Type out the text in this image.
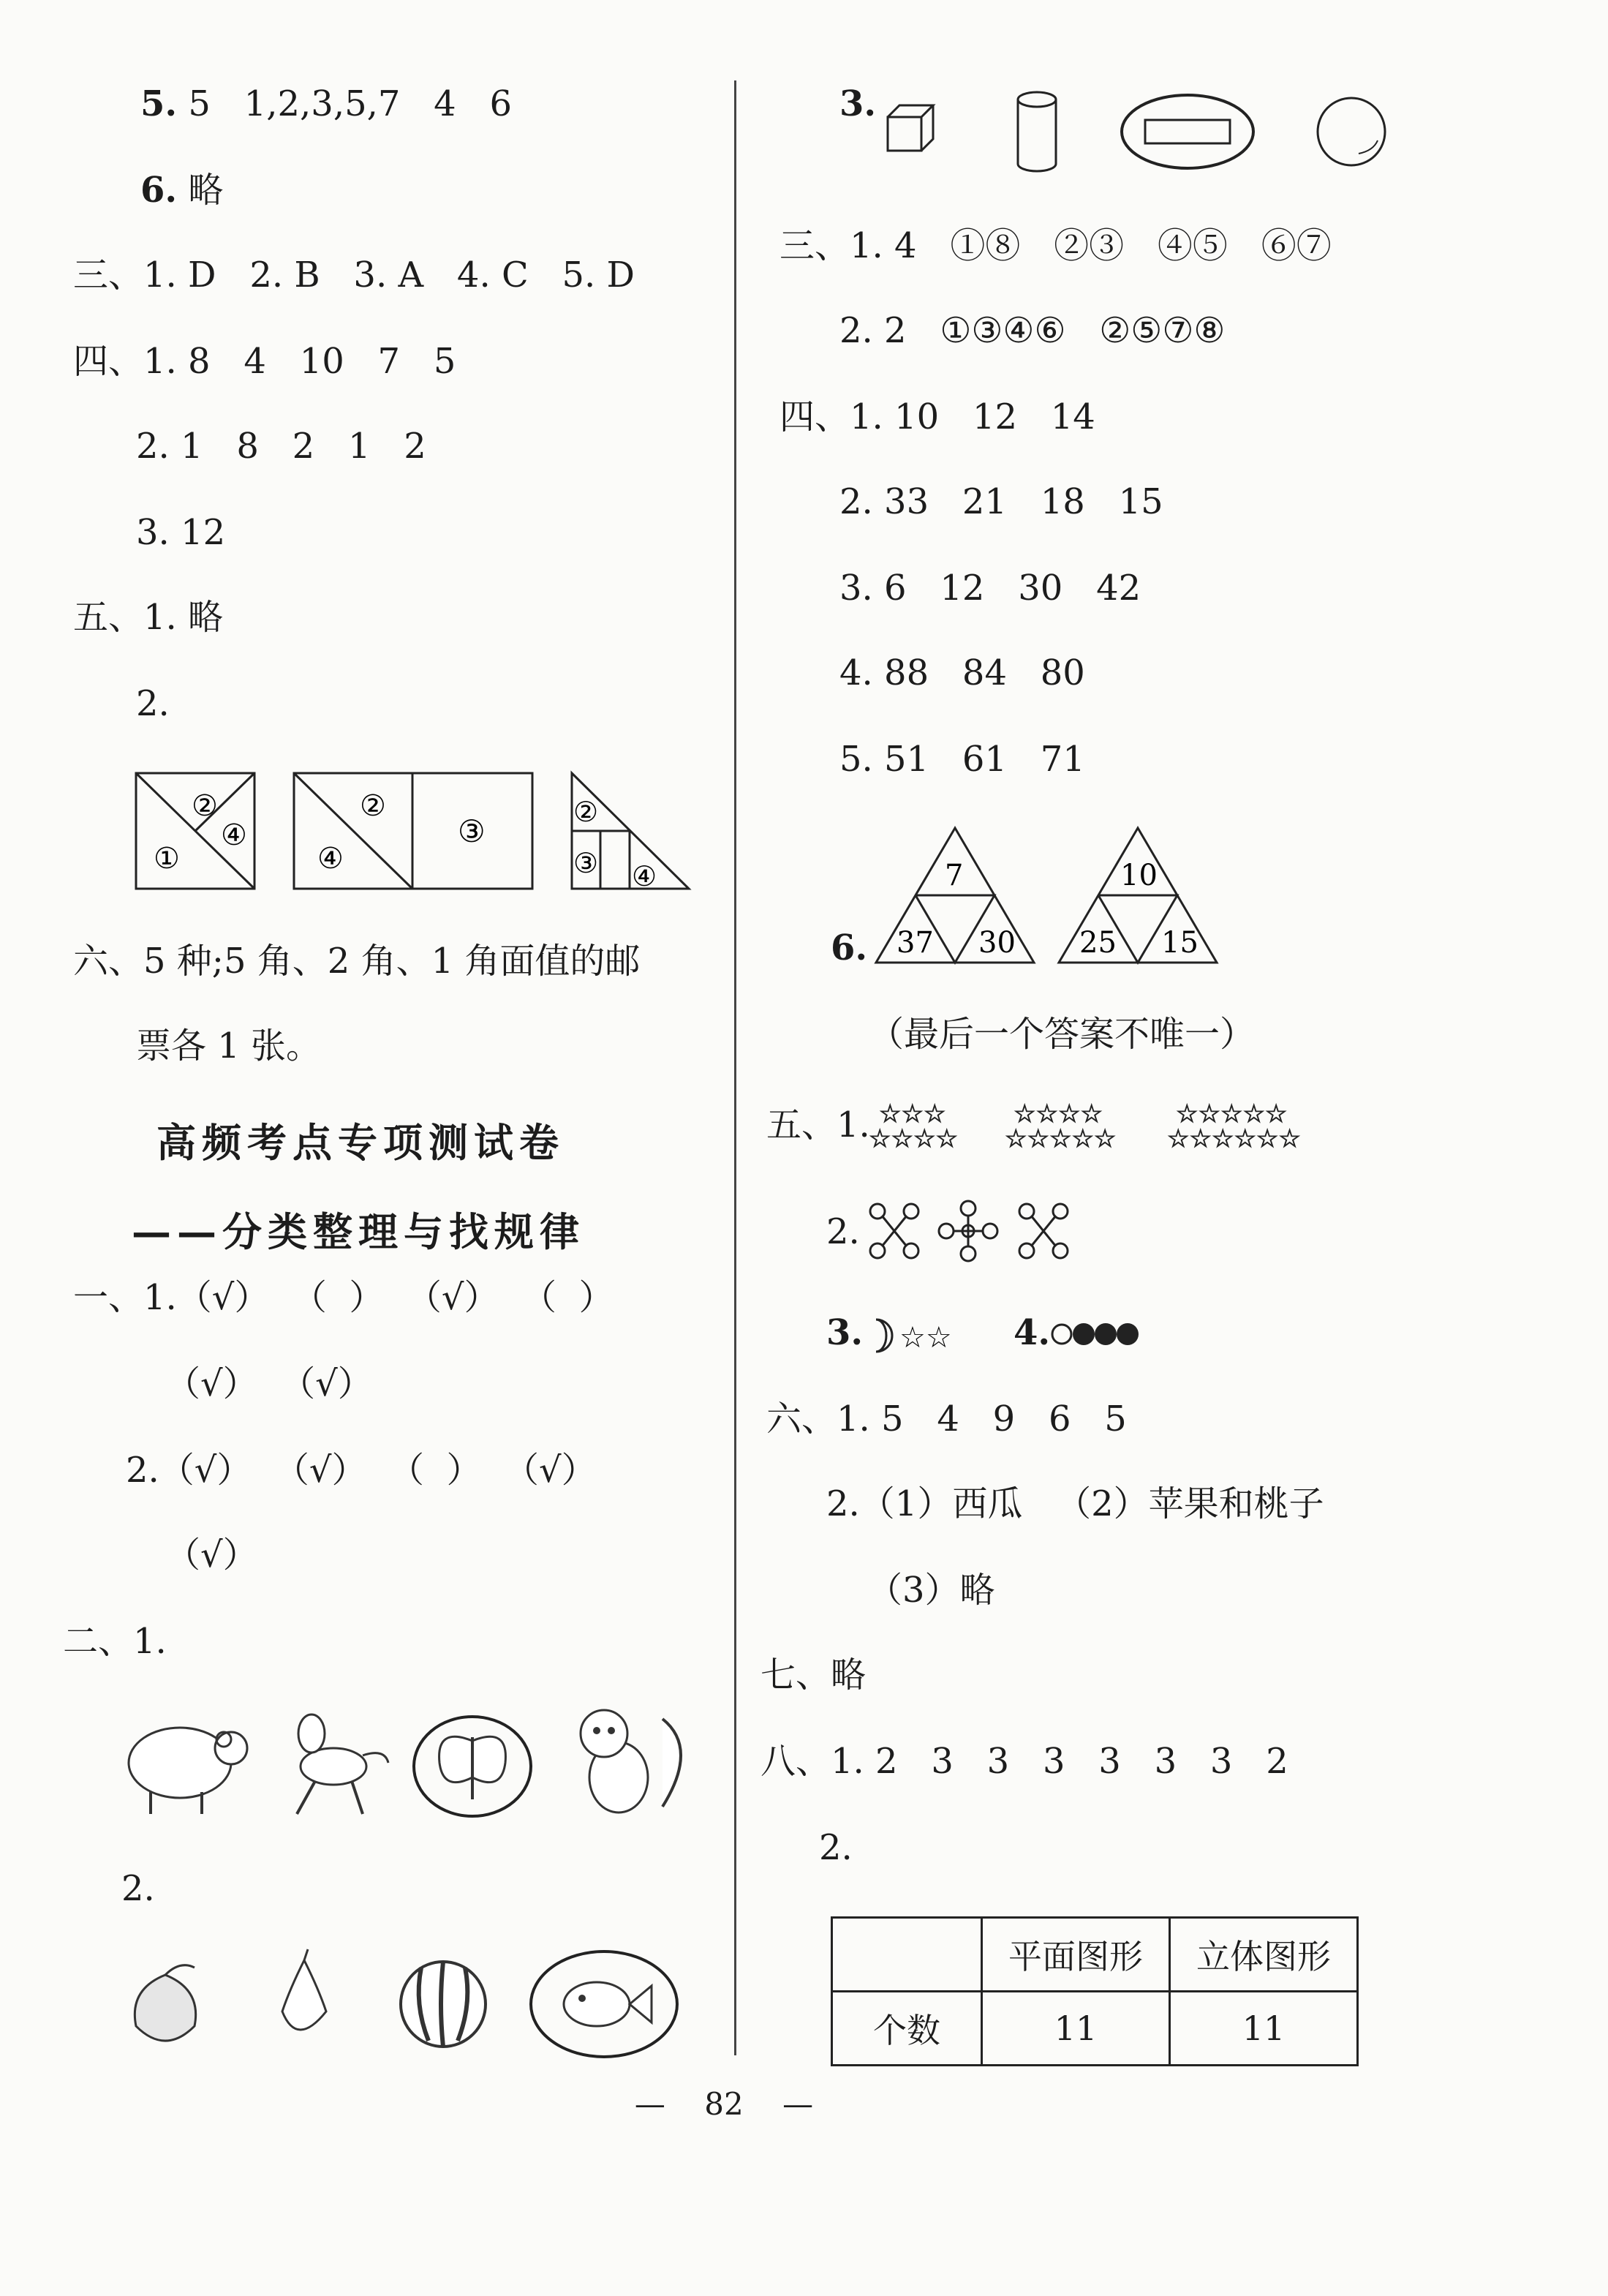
5. 5   1,2,3,5,7   4   6
6. 略
三、1. D   2. B   3. A   4. C   5. D
四、1. 8   4   10   7   5
2. 1   8   2   1   2
3. 12
五、1. 略
2.
②
④
①
②
④
③
②
③ ④
六、5 种;5 角、2 角、1 角面值的邮
票各 1 张。
高频考点专项测试卷
——分类整理与找规律
一、1.（√）  （  ）  （√）  （  ）
（√）  （√）
2.（√）  （√）  （  ）  （√）
（√）
二、1.
2.
3.
三、1. 4   ①⑧   ②③   ④⑤   ⑥⑦
2. 2   ①③④⑥   ②⑤⑦⑧
四、1. 10   12   14
2. 33   21   18   15
3. 6   12   30   42
4. 88   84   80
5. 51   61   71
6.
7
37 30
10
25 15
（最后一个答案不唯一）
五、1. ☆☆☆
☆☆☆☆
☆☆☆☆
☆☆☆☆☆
☆☆☆☆☆
☆☆☆☆☆☆
2.
3. ☆☆ 4.
六、1. 5   4   9   6   5
2.（1）西瓜   （2）苹果和桃子
（3）略
七、略
八、1. 2   3   3   3   3   3   3   2
2.
	平面图形	立体图形
个数	11	11
— 82 —
